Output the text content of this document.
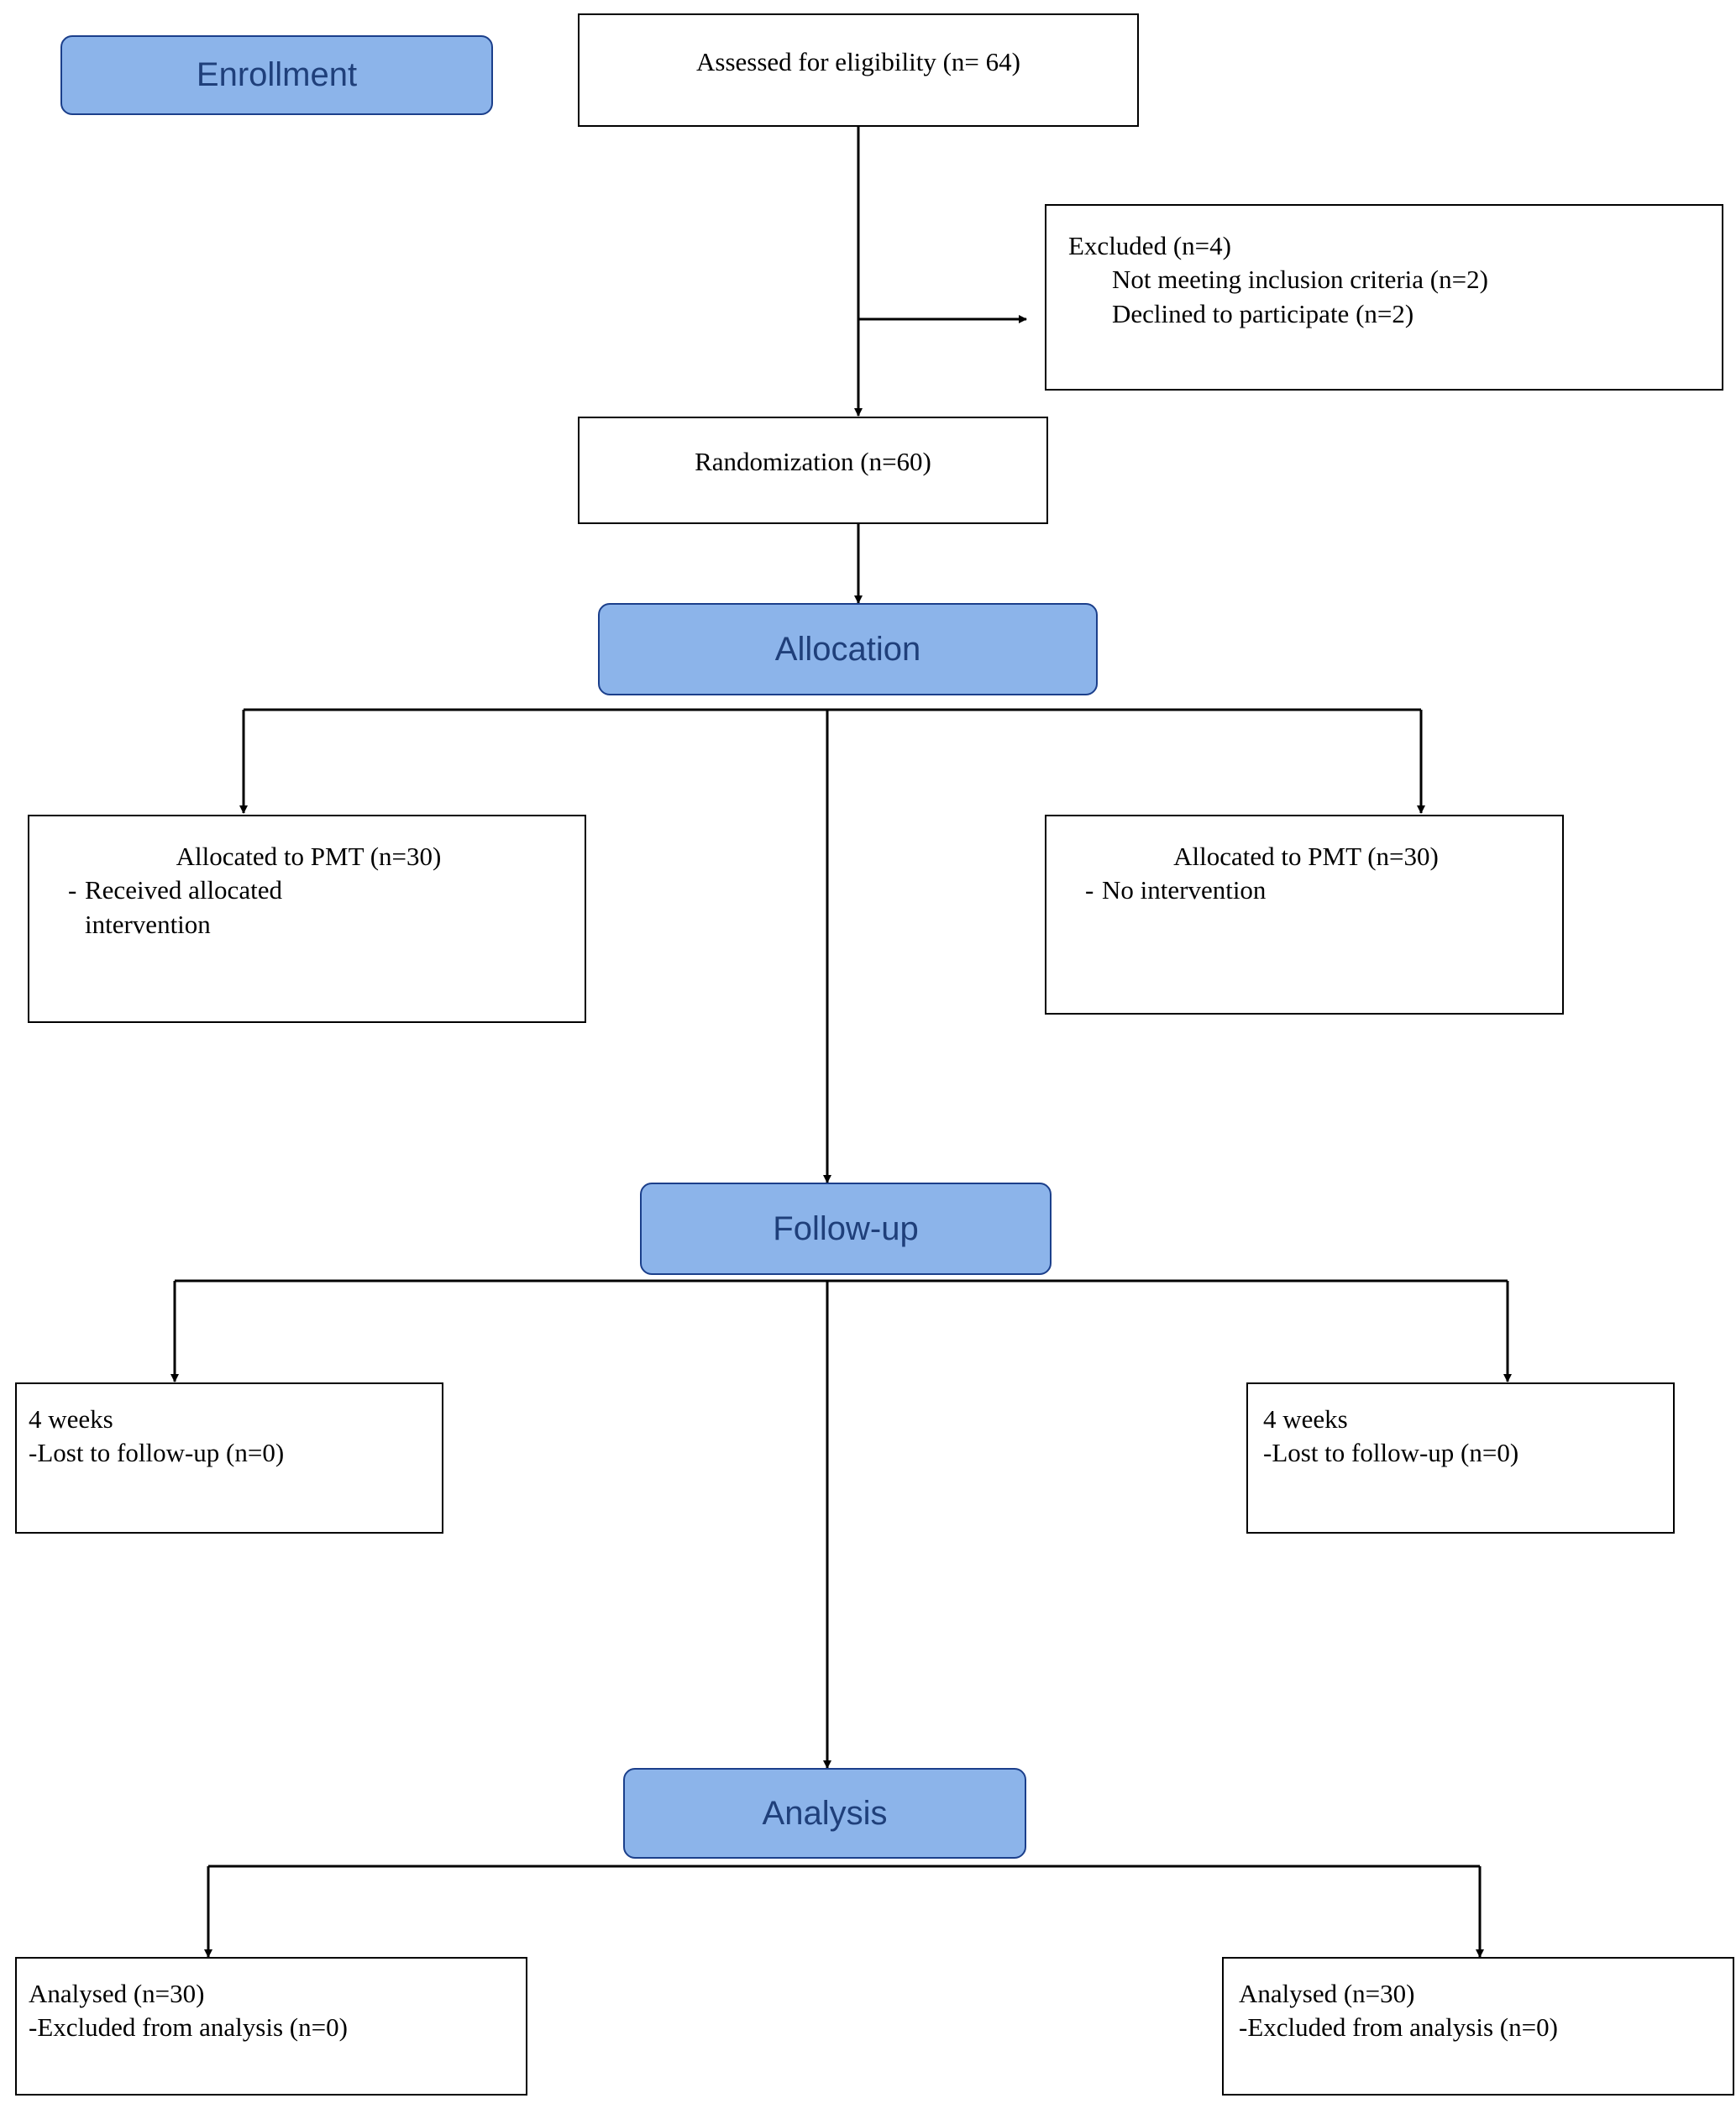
Enrollment	Assessed for eligibility (n= 64)
Excluded (n=4)
Not meeting inclusion criteria (n=2)
Declined to participate (n=2)
Randomization (n=60)
Allocation
Allocated to PMT (n=30)
- Received allocated
intervention
Allocated to PMT (n=30)
- No intervention
Follow-up
4 weeks
-Lost to follow-up (n=0)
4 weeks
-Lost to follow-up (n=0)
Analysis
Analysed (n=30)
-Excluded from analysis (n=0)
Analysed (n=30)
-Excluded from analysis (n=0)
